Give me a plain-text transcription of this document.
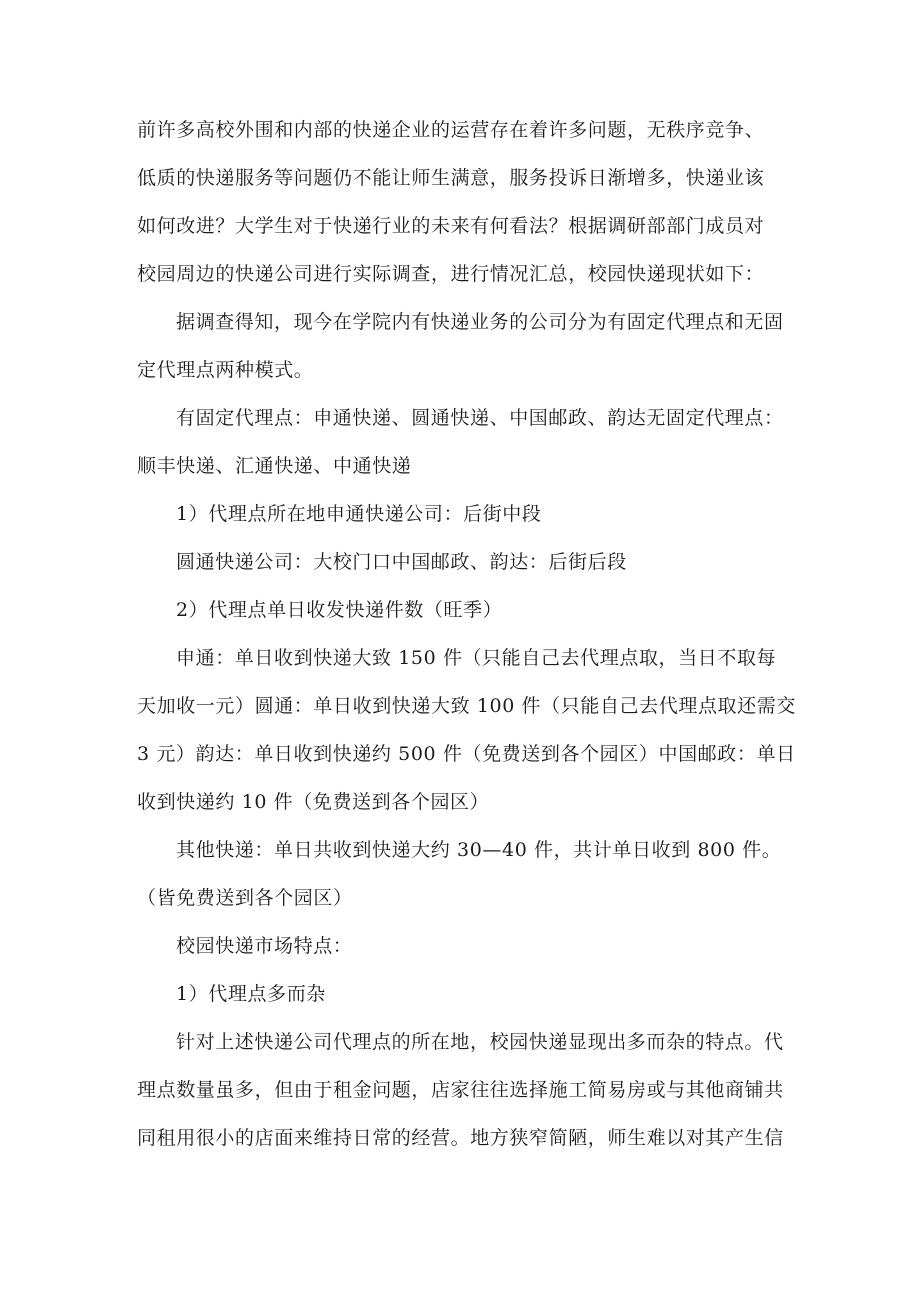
前许多高校外围和内部的快递企业的运营存在着许多问题，无秩序竞争、
低质的快递服务等问题仍不能让师生满意，服务投诉日渐增多，快递业该
如何改进？大学生对于快递行业的未来有何看法？根据调研部部门成员对
校园周边的快递公司进行实际调查，进行情况汇总，校园快递现状如下：
据调查得知，现今在学院内有快递业务的公司分为有固定代理点和无固
定代理点两种模式。
有固定代理点：申通快递、圆通快递、中国邮政、韵达无固定代理点：
顺丰快递、汇通快递、中通快递
1）代理点所在地申通快递公司：后街中段
圆通快递公司：大校门口中国邮政、韵达：后街后段
2）代理点单日收发快递件数（旺季）
申通：单日收到快递大致 150 件（只能自己去代理点取，当日不取每
天加收一元）圆通：单日收到快递大致 100 件（只能自己去代理点取还需交
3 元）韵达：单日收到快递约 500 件（免费送到各个园区）中国邮政：单日
收到快递约 10 件（免费送到各个园区）
其他快递：单日共收到快递大约 30—40 件，共计单日收到 800 件。
（皆免费送到各个园区）
校园快递市场特点：
1）代理点多而杂
针对上述快递公司代理点的所在地，校园快递显现出多而杂的特点。代
理点数量虽多，但由于租金问题，店家往往选择施工简易房或与其他商铺共
同租用很小的店面来维持日常的经营。地方狭窄简陋，师生难以对其产生信
